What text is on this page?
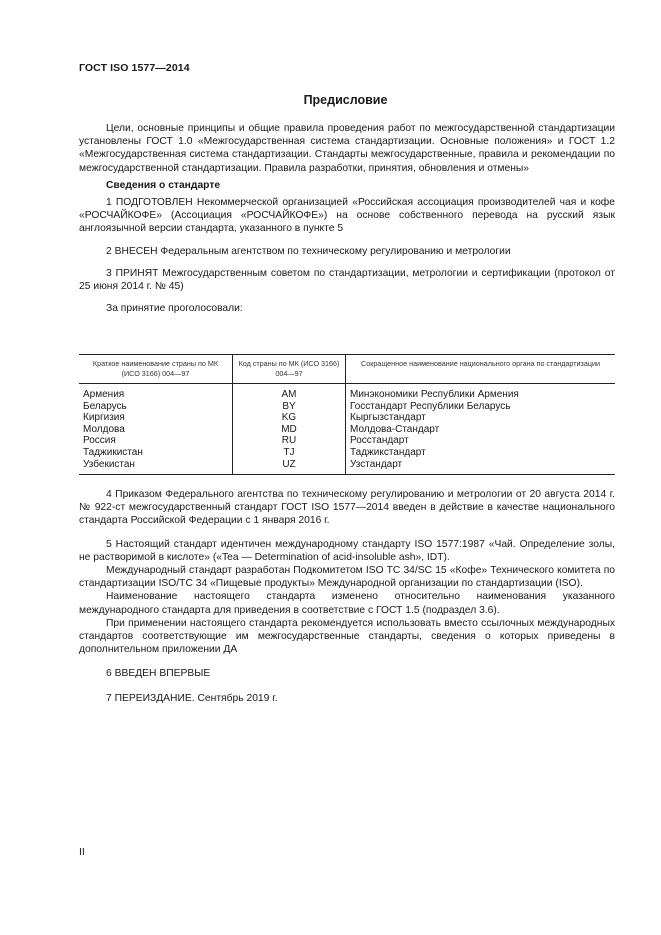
ГОСТ ISO 1577—2014
Предисловие

Цели, основные принципы и общие правила проведения работ по межгосударственной стандартизации установлены ГОСТ 1.0 «Межгосударственная система стандартизации. Основные положения» и ГОСТ 1.2 «Межгосударственная система стандартизации. Стандарты межгосударственные, правила и рекомендации по межгосударственной стандартизации. Правила разработки, принятия, обновления и отмены»

Сведения о стандарте

1 ПОДГОТОВЛЕН Некоммерческой организацией «Российская ассоциация производителей чая и кофе «РОСЧАЙКОФЕ» (Ассоциация «РОСЧАЙКОФЕ») на основе собственного перевода на русский язык англоязычной версии стандарта, указанного в пункте 5

2 ВНЕСЕН Федеральным агентством по техническому регулированию и метрологии

3 ПРИНЯТ Межгосударственным советом по стандартизации, метрологии и сертификации (протокол от 25 июня 2014 г. № 45)

За принятие проголосовали:

Краткое наименование страны по МК (ИСО 3166) 004—97	Код страны по МК (ИСО 3166) 004—97	Сокращенное наименование национального органа по стандартизации
Армения	AM	Минэкономики Республики Армения
Беларусь	BY	Госстандарт Республики Беларусь
Киргизия	KG	Кыргызстандарт
Молдова	MD	Молдова-Стандарт
Россия	RU	Росстандарт
Таджикистан	TJ	Таджикстандарт
Узбекистан	UZ	Узстандарт

4 Приказом Федерального агентства по техническому регулированию и метрологии от 20 августа 2014 г. № 922-ст межгосударственный стандарт ГОСТ ISO 1577—2014 введен в действие в качестве национального стандарта Российской Федерации с 1 января 2016 г.

5 Настоящий стандарт идентичен международному стандарту ISO 1577:1987 «Чай. Определение золы, не растворимой в кислоте» («Tea — Determination of acid-insoluble ash», IDT).

Международный стандарт разработан Подкомитетом ISO TC 34/SC 15 «Кофе» Технического комитета по стандартизации ISO/TC 34 «Пищевые продукты» Международной организации по стандартизации (ISO).

Наименование настоящего стандарта изменено относительно наименования указанного международного стандарта для приведения в соответствие с ГОСТ 1.5 (подраздел 3.6).

При применении настоящего стандарта рекомендуется использовать вместо ссылочных международных стандартов соответствующие им межгосударственные стандарты, сведения о которых приведены в дополнительном приложении ДА

6 ВВЕДЕН ВПЕРВЫЕ

7 ПЕРЕИЗДАНИЕ. Сентябрь 2019 г.

II
